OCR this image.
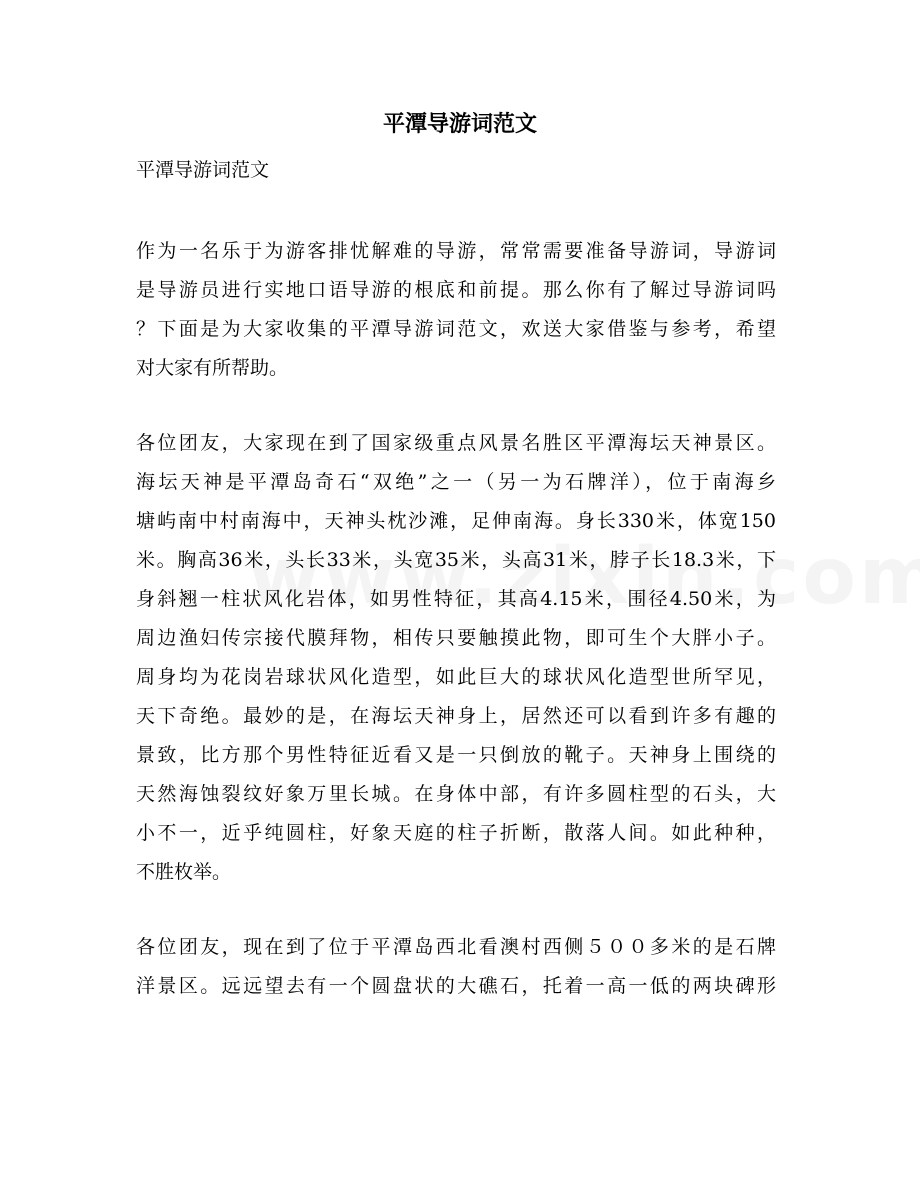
平潭导游词范文
平潭导游词范文
作为一名乐于为游客排忧解难的导游，常常需要准备导游词，导游词
是导游员进行实地口语导游的根底和前提。那么你有了解过导游词吗
？下面是为大家收集的平潭导游词范文，欢送大家借鉴与参考，希望
对大家有所帮助。
各位团友，大家现在到了国家级重点风景名胜区平潭海坛天神景区。
海坛天神是平潭岛奇石“双绝”之一（另一为石牌洋），位于南海乡
塘屿南中村南海中，天神头枕沙滩，足伸南海。身长330米，体宽150
米。胸高36米，头长33米，头宽35米，头高31米，脖子长18.3米，下
身斜翘一柱状风化岩体，如男性特征，其高4.15米，围径4.50米，为
周边渔妇传宗接代膜拜物，相传只要触摸此物，即可生个大胖小子。
周身均为花岗岩球状风化造型，如此巨大的球状风化造型世所罕见，
天下奇绝。最妙的是，在海坛天神身上，居然还可以看到许多有趣的
景致，比方那个男性特征近看又是一只倒放的靴子。天神身上围绕的
天然海蚀裂纹好象万里长城。在身体中部，有许多圆柱型的石头，大
小不一，近乎纯圆柱，好象天庭的柱子折断，散落人间。如此种种，
不胜枚举。
各位团友，现在到了位于平潭岛西北看澳村西侧５００多米的是石牌
洋景区。远远望去有一个圆盘状的大礁石，托着一高一低的两块碑形
